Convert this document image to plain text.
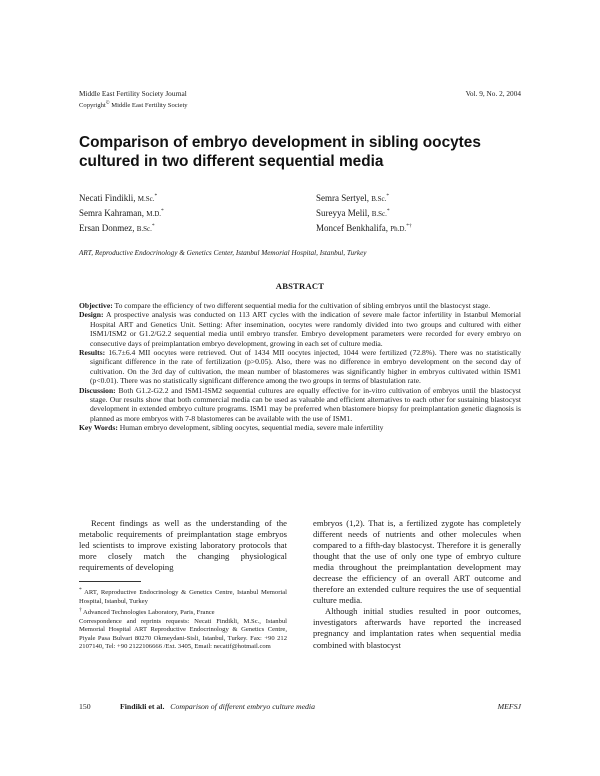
Middle East Fertility Society Journal
Copyright© Middle East Fertility Society
Vol. 9, No. 2, 2004
Comparison of embryo development in sibling oocytes
cultured in two different sequential media
Necati Findikli, M.Sc.*
Semra Kahraman, M.D.*
Ersan Donmez, B.Sc.*
Semra Sertyel, B.Sc.*
Sureyya Melil, B.Sc.*
Moncef Benkhalifa, Ph.D.*†
ART, Reproductive Endocrinology & Genetics Center, Istanbul Memorial Hospital, Istanbul, Turkey
ABSTRACT

Objective: To compare the efficiency of two different sequential media for the cultivation of sibling embryos until the blastocyst stage.

Design: A prospective analysis was conducted on 113 ART cycles with the indication of severe male factor infertility in Istanbul Memorial Hospital ART and Genetics Unit. Setting: After insemination, oocytes were randomly divided into two groups and cultured with either ISM1/ISM2 or G1.2/G2.2 sequential media until embryo transfer. Embryo development parameters were recorded for every embryo on consecutive days of preimplantation embryo development, growing in each set of culture media.

Results: 16.7±6.4 MII oocytes were retrieved. Out of 1434 MII oocytes injected, 1044 were fertilized (72.8%). There was no statistically significant difference in the rate of fertilization (p>0.05). Also, there was no difference in embryo development on the second day of cultivation. On the 3rd day of cultivation, the mean number of blastomeres was significantly higher in embryos cultivated within ISM1 (p<0.01). There was no statistically significant difference among the two groups in terms of blastulation rate.

Discussion: Both G1.2-G2.2 and ISM1-ISM2 sequential cultures are equally effective for in-vitro cultivation of embryos until the blastocyst stage. Our results show that both commercial media can be used as valuable and efficient alternatives to each other for sustaining blastocyst development in extended embryo culture programs. ISM1 may be preferred when blastomere biopsy for preimplantation genetic diagnosis is planned as more embryos with 7-8 blastomeres can be available with the use of ISM1.

Key Words: Human embryo development, sibling oocytes, sequential media, severe male infertility

Recent findings as well as the understanding of the metabolic requirements of preimplantation stage embryos led scientists to improve existing laboratory protocols that more closely match the changing physiological requirements of developing

embryos (1,2). That is, a fertilized zygote has completely different needs of nutrients and other molecules when compared to a fifth-day blastocyst. Therefore it is generally thought that the use of only one type of embryo culture media throughout the preimplantation development may decrease the efficiency of an overall ART outcome and therefore an extended culture requires the use of sequential culture media.

Although initial studies resulted in poor outcomes, investigators afterwards have reported the increased pregnancy and implantation rates when sequential media combined with blastocyst

* ART, Reproductive Endocrinology & Genetics Centre, Istanbul Memorial Hospital, Istanbul, Turkey

† Advanced Technologies Laboratory, Paris, France

Correspondence and reprints requests: Necati Findikli, M.Sc., Istanbul Memorial Hospital ART Reproductive Endocrinology & Genetics Centre, Piyale Pasa Bulvari 80270 Okmeydani-Sisli, Istanbul, Turkey. Fax: +90 212 2107140, Tel: +90 2122106666 /Ext. 3405, Email: necatif@hotmail.com

150	Findikli et al. Comparison of different embryo culture media	MEFSJ
